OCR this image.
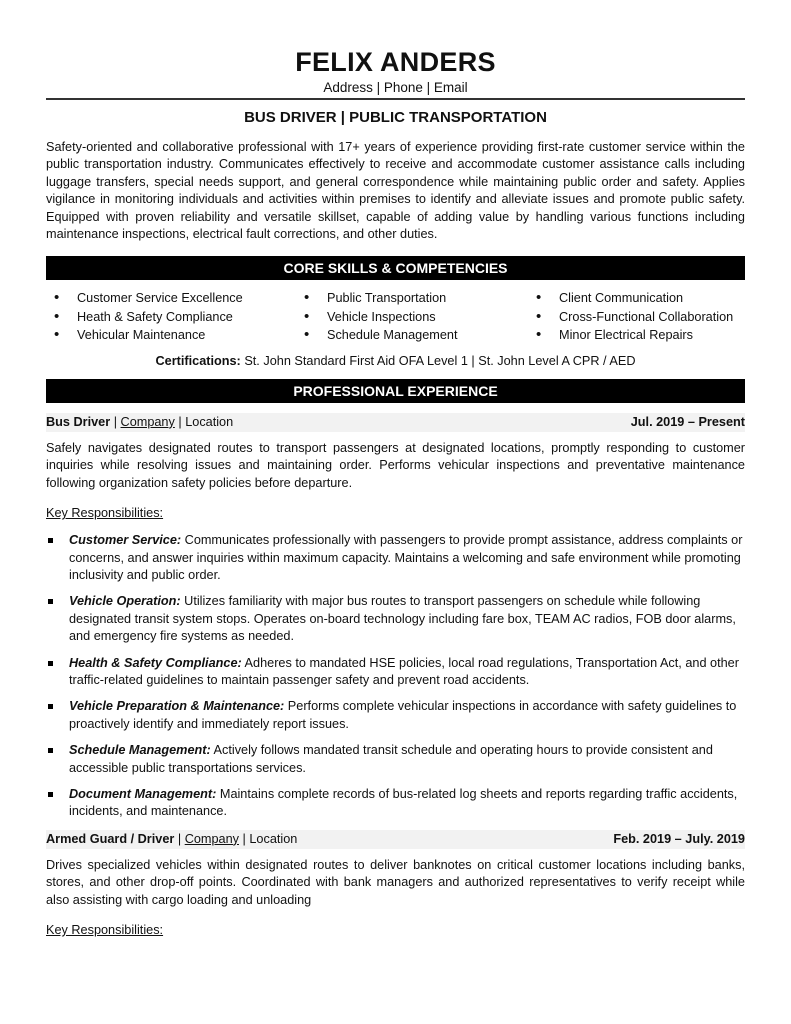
FELIX ANDERS
Address | Phone | Email
BUS DRIVER | PUBLIC TRANSPORTATION

Safety-oriented and collaborative professional with 17+ years of experience providing first-rate customer service within the public transportation industry. Communicates effectively to receive and accommodate customer assistance calls including luggage transfers, special needs support, and general correspondence while maintaining public order and safety. Applies vigilance in monitoring individuals and activities within premises to identify and alleviate issues and promote public safety. Equipped with proven reliability and versatile skillset, capable of adding value by handling various functions including maintenance inspections, electrical fault corrections, and other duties.

CORE SKILLS & COMPETENCIES
• Customer Service Excellence
• Heath & Safety Compliance
• Vehicular Maintenance
• Public Transportation
• Vehicle Inspections
• Schedule Management
• Client Communication
• Cross-Functional Collaboration
• Minor Electrical Repairs
Certifications: St. John Standard First Aid OFA Level 1 | St. John Level A CPR / AED
PROFESSIONAL EXPERIENCE
Bus Driver | Company | Location	Jul. 2019 – Present

Safely navigates designated routes to transport passengers at designated locations, promptly responding to customer inquiries while resolving issues and maintaining order. Performs vehicular inspections and preventative maintenance following organization safety policies before departure.

Key Responsibilities:
Customer Service: Communicates professionally with passengers to provide prompt assistance, address complaints or concerns, and answer inquiries within maximum capacity. Maintains a welcoming and safe environment while promoting inclusivity and public order.
Vehicle Operation: Utilizes familiarity with major bus routes to transport passengers on schedule while following designated transit system stops. Operates on-board technology including fare box, TEAM AC radios, FOB door alarms, and emergency fire systems as needed.
Health & Safety Compliance: Adheres to mandated HSE policies, local road regulations, Transportation Act, and other traffic-related guidelines to maintain passenger safety and prevent road accidents.
Vehicle Preparation & Maintenance: Performs complete vehicular inspections in accordance with safety guidelines to proactively identify and immediately report issues.
Schedule Management: Actively follows mandated transit schedule and operating hours to provide consistent and accessible public transportations services.
Document Management: Maintains complete records of bus-related log sheets and reports regarding traffic accidents, incidents, and maintenance.
Armed Guard / Driver | Company | Location	Feb. 2019 – July. 2019

Drives specialized vehicles within designated routes to deliver banknotes on critical customer locations including banks, stores, and other drop-off points. Coordinated with bank managers and authorized representatives to verify receipt while also assisting with cargo loading and unloading

Key Responsibilities:
